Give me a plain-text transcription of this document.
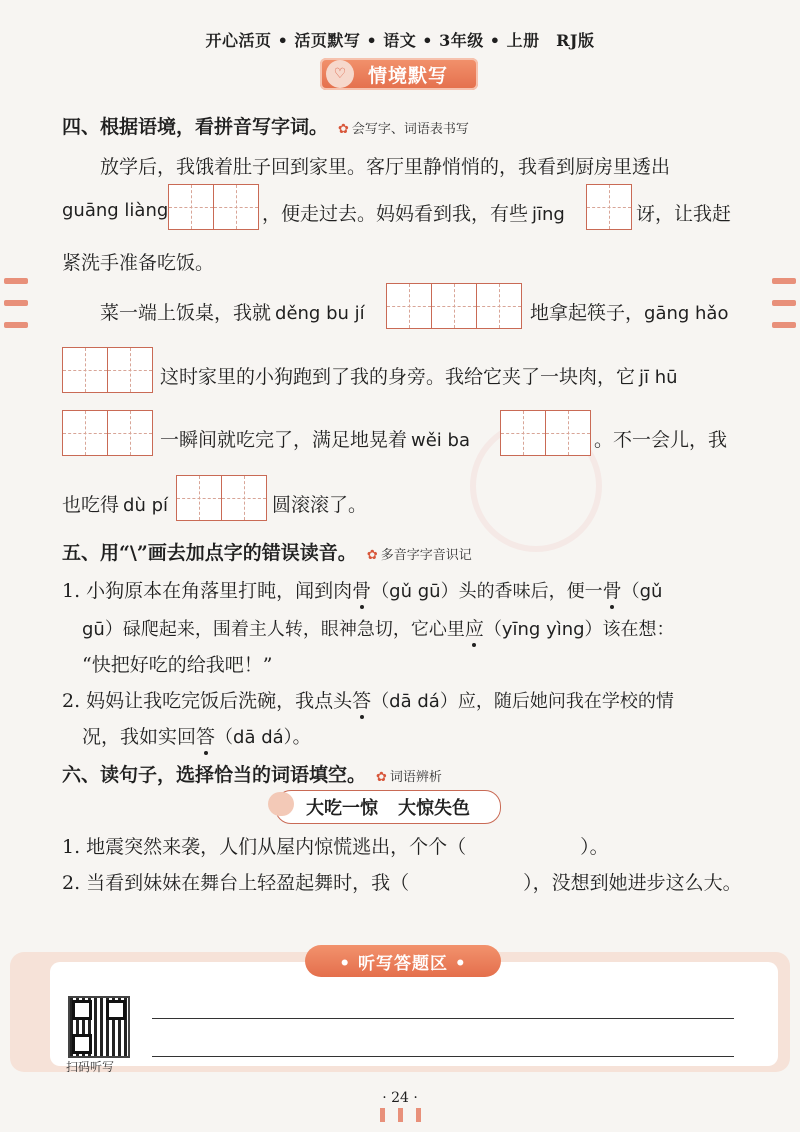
开心活页 • 活页默写 • 语文 • 3年级 • 上册　RJ版
♡	情境默写
四、根据语境，看拼音写字词。 ✿ 会写字、词语表书写
放学后，我饿着肚子回到家里。客厅里静悄悄的，我看到厨房里透出
guāng liàng	，便走过去。妈妈看到我，有些 jīng	讶，让我赶
紧洗手准备吃饭。
菜一端上饭桌，我就 děng bu jí	地拿起筷子，gāng hǎo
这时家里的小狗跑到了我的身旁。我给它夹了一块肉，它 jī hū
一瞬间就吃完了，满足地晃着 wěi ba	。不一会儿，我
也吃得 dù pí	圆滚滚了。
五、用“\”画去加点字的错误读音。 ✿ 多音字字音识记
1. 小狗原本在角落里打盹，闻到肉骨（gǔ gū）头的香味后，便一骨（gǔ
gū）碌爬起来，围着主人转，眼神急切，它心里应（yīng yìng）该在想：
“快把好吃的给我吧！”
2. 妈妈让我吃完饭后洗碗，我点头答（dā dá）应，随后她问我在学校的情
况，我如实回答（dā dá）。
六、读句子，选择恰当的词语填空。 ✿ 词语辨析
大吃一惊 大惊失色
1. 地震突然来袭，人们从屋内惊慌逃出，个个（　　　　　　）。
2. 当看到妹妹在舞台上轻盈起舞时，我（　　　　　　），没想到她进步这么大。
• 听写答题区 •
扫码听写
· 24 ·
